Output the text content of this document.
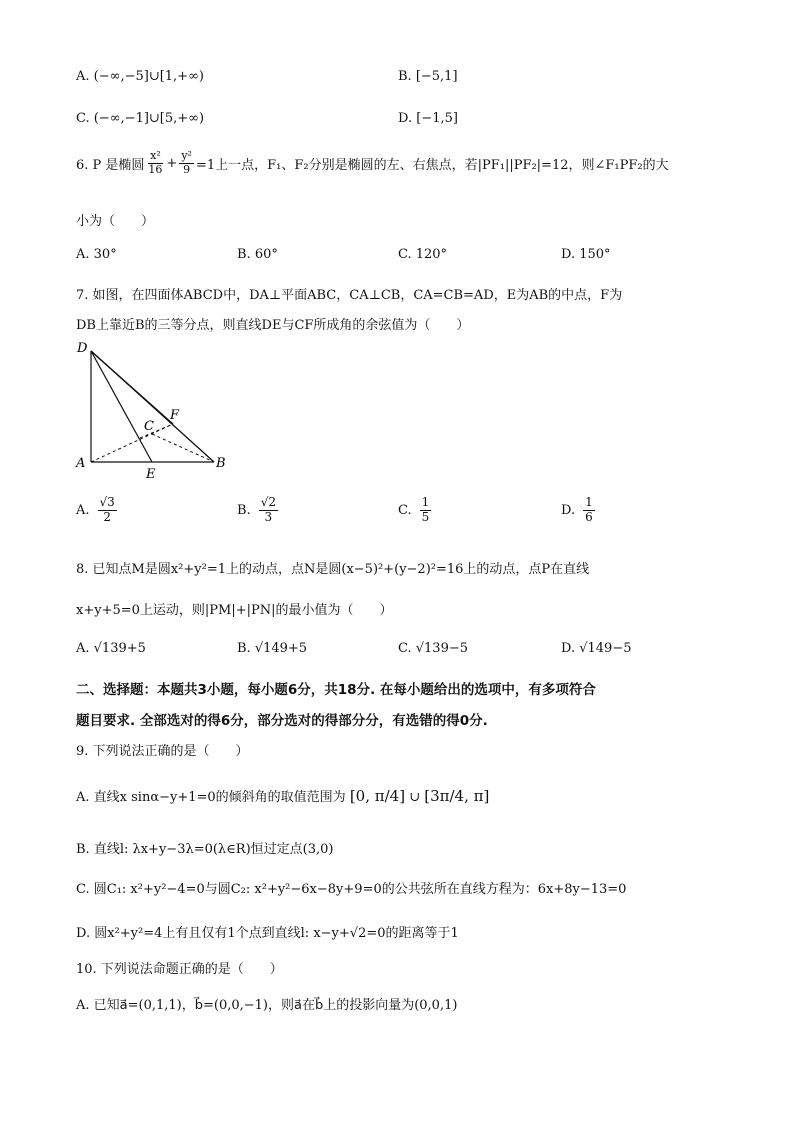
A. (−∞,−5]∪[1,+∞)	B. [−5,1]
C. (−∞,−1]∪[5,+∞)	D. [−1,5]
6. P 是椭圆 $\frac{\text{x²}}{16} + \frac{\text{y²}}{9} =1$上一点，F₁、F₂分别是椭圆的左、右焦点，若|PF₁||PF₂|=12，则∠F₁PF₂的大
小为（　　）
A. 30°	B. 60°	C. 120°	D. 150°
7. 如图，在四面体ABCD中，DA⊥平面ABC，CA⊥CB，CA=CB=AD，E为AB的中点，F为
DB上靠近B的三等分点，则直线DE与CF所成角的余弦值为（　　）
D
A	B
C
E
F
A. $\frac{√3}{2}$	B. $\frac{√2}{3}$	C. $\frac{1}{5}$	D. $\frac{1}{6}$
8. 已知点M是圆x²+y²=1上的动点，点N是圆(x−5)²+(y−2)²=16上的动点，点P在直线
x+y+5=0上运动，则|PM|+|PN|的最小值为（　　）
A. √139+5	B. √149+5	C. √139−5	D. √149−5
二、选择题：本题共3小题，每小题6分，共18分. 在每小题给出的选项中，有多项符合
题目要求. 全部选对的得6分，部分选对的得部分分，有选错的得0分.
9. 下列说法正确的是（　　）
A. 直线x sinα−y+1=0的倾斜角的取值范围为 [0, π/4] ∪ [3π/4, π]
B. 直线l: λx+y−3λ=0(λ∈R)恒过定点(3,0)
C. 圆C₁: x²+y²−4=0与圆C₂: x²+y²−6x−8y+9=0的公共弦所在直线方程为：6x+8y−13=0
D. 圆x²+y²=4上有且仅有1个点到直线l: x−y+√2=0的距离等于1
10. 下列说法命题正确的是（　　）
A. 已知a⃗=(0,1,1)，b⃗=(0,0,−1)，则a⃗在b⃗上的投影向量为(0,0,1)
